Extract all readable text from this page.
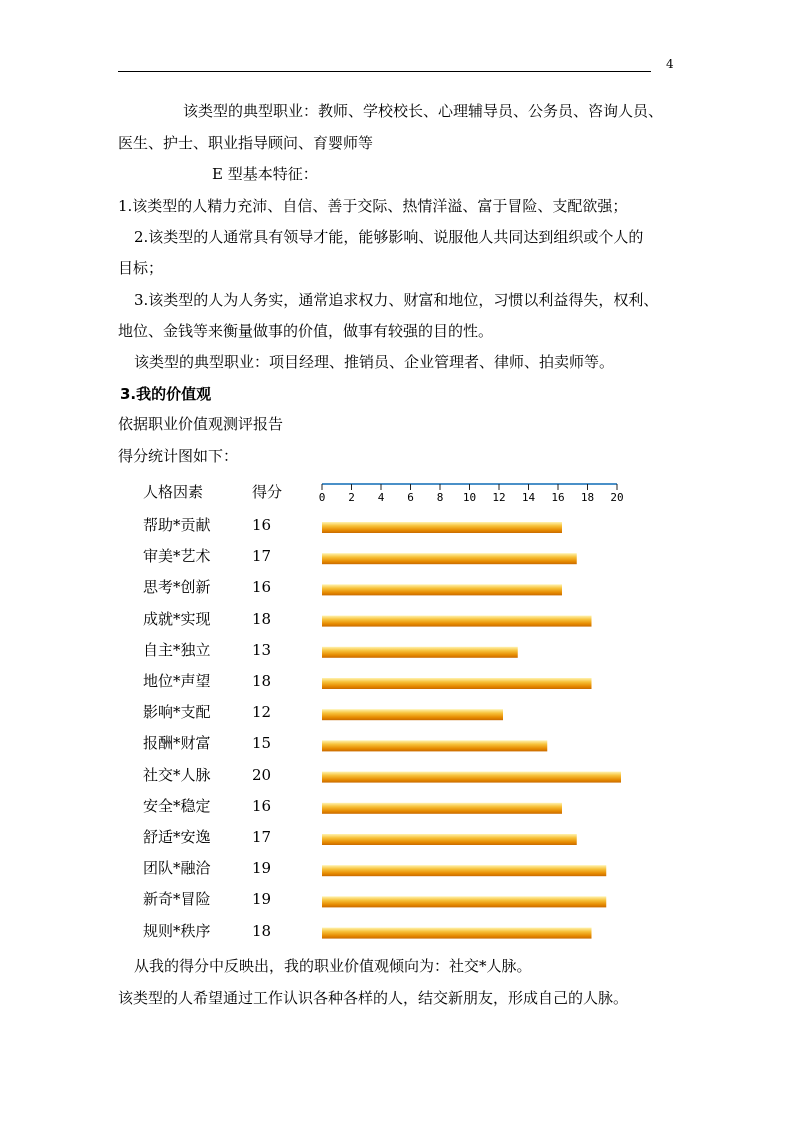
4
该类型的典型职业：教师、学校校长、心理辅导员、公务员、咨询人员、
医生、护士、职业指导顾问、育婴师等
E 型基本特征：
1.该类型的人精力充沛、自信、善于交际、热情洋溢、富于冒险、支配欲强；
2.该类型的人通常具有领导才能，能够影响、说服他人共同达到组织或个人的
目标；
3.该类型的人为人务实，通常追求权力、财富和地位，习惯以利益得失，权利、
地位、金钱等来衡量做事的价值，做事有较强的目的性。
该类型的典型职业：项目经理、推销员、企业管理者、律师、拍卖师等。
3.我的价值观
依据职业价值观测评报告
得分统计图如下：
人格因素	得分
帮助*贡献	16
审美*艺术	17
思考*创新	16
成就*实现	18
自主*独立	13
地位*声望	18
影响*支配	12
报酬*财富	15
社交*人脉	20
安全*稳定	16
舒适*安逸	17
团队*融洽	19
新奇*冒险	19
规则*秩序	18
0 2 4 6 8 10 12 14 16 18 20
从我的得分中反映出，我的职业价值观倾向为：社交*人脉。
该类型的人希望通过工作认识各种各样的人，结交新朋友，形成自己的人脉。
